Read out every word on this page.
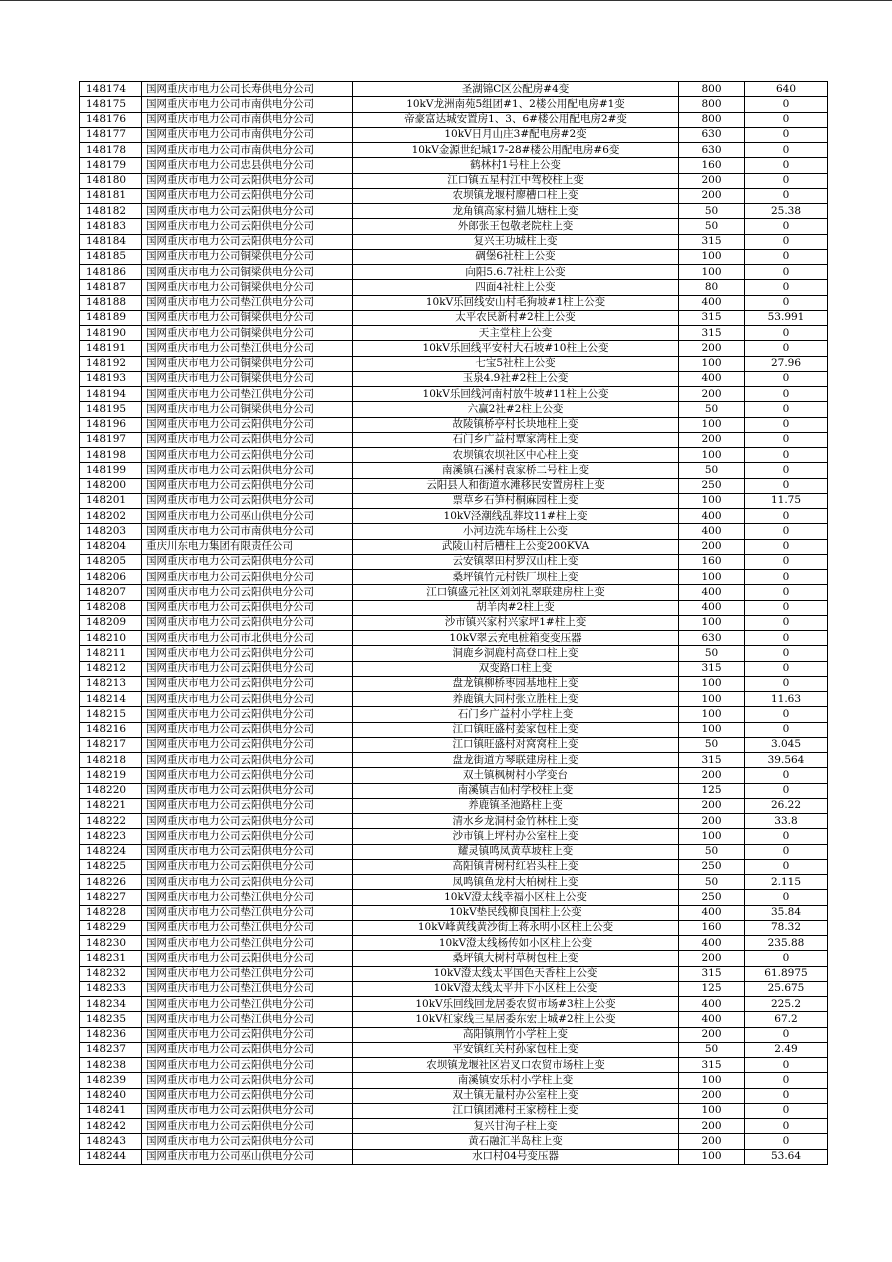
148174	国网重庆市电力公司长寿供电分公司	圣湖锦C区公配房#4变	800	640
148175	国网重庆市电力公司市南供电分公司	10kV龙洲南苑5组团#1、2楼公用配电房#1变	800	0
148176	国网重庆市电力公司市南供电分公司	帝豪富达城安置房1、3、6#楼公用配电房2#变	800	0
148177	国网重庆市电力公司市南供电分公司	10kV日月山庄3#配电房#2变	630	0
148178	国网重庆市电力公司市南供电分公司	10kV金源世纪城17-28#楼公用配电房#6变	630	0
148179	国网重庆市电力公司忠县供电分公司	鹤林村1号柱上公变	160	0
148180	国网重庆市电力公司云阳供电分公司	江口镇五星村江中驾校柱上变	200	0
148181	国网重庆市电力公司云阳供电分公司	农坝镇龙堰村廖槽口柱上变	200	0
148182	国网重庆市电力公司云阳供电分公司	龙角镇高家村猫儿塘柱上变	50	25.38
148183	国网重庆市电力公司云阳供电分公司	外郎张王包敬老院柱上变	50	0
148184	国网重庆市电力公司云阳供电分公司	复兴王功城柱上变	315	0
148185	国网重庆市电力公司铜梁供电分公司	碉堡6社柱上公变	100	0
148186	国网重庆市电力公司铜梁供电分公司	向阳5.6.7社柱上公变	100	0
148187	国网重庆市电力公司铜梁供电分公司	四面4社柱上公变	80	0
148188	国网重庆市电力公司垫江供电分公司	10kV乐回线安山村毛狗坡#1柱上公变	400	0
148189	国网重庆市电力公司铜梁供电分公司	太平农民新村#2柱上公变	315	53.991
148190	国网重庆市电力公司铜梁供电分公司	天主堂柱上公变	315	0
148191	国网重庆市电力公司垫江供电分公司	10kV乐回线平安村大石坡#10柱上公变	200	0
148192	国网重庆市电力公司铜梁供电分公司	七宝5社柱上公变	100	27.96
148193	国网重庆市电力公司铜梁供电分公司	玉泉4.9社#2柱上公变	400	0
148194	国网重庆市电力公司垫江供电分公司	10kV乐回线河南村放牛坡#11柱上公变	200	0
148195	国网重庆市电力公司铜梁供电分公司	六赢2社#2柱上公变	50	0
148196	国网重庆市电力公司云阳供电分公司	故陵镇桥亭村长块地柱上变	100	0
148197	国网重庆市电力公司云阳供电分公司	石门乡广益村覃家湾柱上变	200	0
148198	国网重庆市电力公司云阳供电分公司	农坝镇农坝社区中心柱上变	100	0
148199	国网重庆市电力公司云阳供电分公司	南溪镇石溪村袁家桥二号柱上变	50	0
148200	国网重庆市电力公司云阳供电分公司	云阳县人和街道水滩移民安置房柱上变	250	0
148201	国网重庆市电力公司云阳供电分公司	票草乡石笋村桐麻园柱上变	100	11.75
148202	国网重庆市电力公司巫山供电分公司	10kV泾潮线乱葬坟11#柱上变	400	0
148203	国网重庆市电力公司市南供电分公司	小河边洗车场柱上公变	400	0
148204	重庆川东电力集团有限责任公司	武陵山村后槽柱上公变200KVA	200	0
148205	国网重庆市电力公司云阳供电分公司	云安镇翠田村罗汉山柱上变	160	0
148206	国网重庆市电力公司云阳供电分公司	桑坪镇竹元村铁厂坝柱上变	100	0
148207	国网重庆市电力公司云阳供电分公司	江口镇盛元社区刘刘礼翠联建房柱上变	400	0
148208	国网重庆市电力公司云阳供电分公司	胡羊肉#2柱上变	400	0
148209	国网重庆市电力公司云阳供电分公司	沙市镇兴家村兴家坪1#柱上变	100	0
148210	国网重庆市电力公司市北供电分公司	10kV翠云充电桩箱变变压器	630	0
148211	国网重庆市电力公司云阳供电分公司	洞鹿乡洞鹿村高登口柱上变	50	0
148212	国网重庆市电力公司云阳供电分公司	双变路口柱上变	315	0
148213	国网重庆市电力公司云阳供电分公司	盘龙镇柳桥枣园基地柱上变	100	0
148214	国网重庆市电力公司云阳供电分公司	养鹿镇大同村张立胜柱上变	100	11.63
148215	国网重庆市电力公司云阳供电分公司	石门乡广益村小学柱上变	100	0
148216	国网重庆市电力公司云阳供电分公司	江口镇旺盛村姜家包柱上变	100	0
148217	国网重庆市电力公司云阳供电分公司	江口镇旺盛村对窝窝柱上变	50	3.045
148218	国网重庆市电力公司云阳供电分公司	盘龙街道方琴联建房柱上变	315	39.564
148219	国网重庆市电力公司云阳供电分公司	双土镇枫树村小学变台	200	0
148220	国网重庆市电力公司云阳供电分公司	南溪镇吉仙村学校柱上变	125	0
148221	国网重庆市电力公司云阳供电分公司	养鹿镇圣池路柱上变	200	26.22
148222	国网重庆市电力公司云阳供电分公司	清水乡龙洞村金竹林柱上变	200	33.8
148223	国网重庆市电力公司云阳供电分公司	沙市镇上坪村办公室柱上变	100	0
148224	国网重庆市电力公司云阳供电分公司	耀灵镇鸣凤黄草坡柱上变	50	0
148225	国网重庆市电力公司云阳供电分公司	高阳镇青树村红岩头柱上变	250	0
148226	国网重庆市电力公司云阳供电分公司	凤鸣镇鱼龙村大柏树柱上变	50	2.115
148227	国网重庆市电力公司垫江供电分公司	10kV澄太线幸福小区柱上公变	250	0
148228	国网重庆市电力公司垫江供电分公司	10kV垫民线柳良国柱上公变	400	35.84
148229	国网重庆市电力公司垫江供电分公司	10kV峰黄线黄沙街上蒋永明小区柱上公变	160	78.32
148230	国网重庆市电力公司垫江供电分公司	10kV澄太线杨传如小区柱上公变	400	235.88
148231	国网重庆市电力公司云阳供电分公司	桑坪镇大树村草树包柱上变	200	0
148232	国网重庆市电力公司垫江供电分公司	10kV澄太线太平国色天香柱上公变	315	61.8975
148233	国网重庆市电力公司垫江供电分公司	10kV澄太线太平井下小区柱上公变	125	25.675
148234	国网重庆市电力公司垫江供电分公司	10kV乐回线回龙居委农贸市场#3柱上公变	400	225.2
148235	国网重庆市电力公司垫江供电分公司	10kV杠家线三星居委东宏上城#2柱上公变	400	67.2
148236	国网重庆市电力公司云阳供电分公司	高阳镇荆竹小学柱上变	200	0
148237	国网重庆市电力公司云阳供电分公司	平安镇红关村孙家包柱上变	50	2.49
148238	国网重庆市电力公司云阳供电分公司	农坝镇龙堰社区岩叉口农贸市场柱上变	315	0
148239	国网重庆市电力公司云阳供电分公司	南溪镇安乐村小学柱上变	100	0
148240	国网重庆市电力公司云阳供电分公司	双土镇无量村办公室柱上变	200	0
148241	国网重庆市电力公司云阳供电分公司	江口镇团滩村王家榜柱上变	100	0
148242	国网重庆市电力公司云阳供电分公司	复兴甘泃子柱上变	200	0
148243	国网重庆市电力公司云阳供电分公司	黄石融汇半岛柱上变	200	0
148244	国网重庆市电力公司巫山供电分公司	水口村04号变压器	100	53.64
